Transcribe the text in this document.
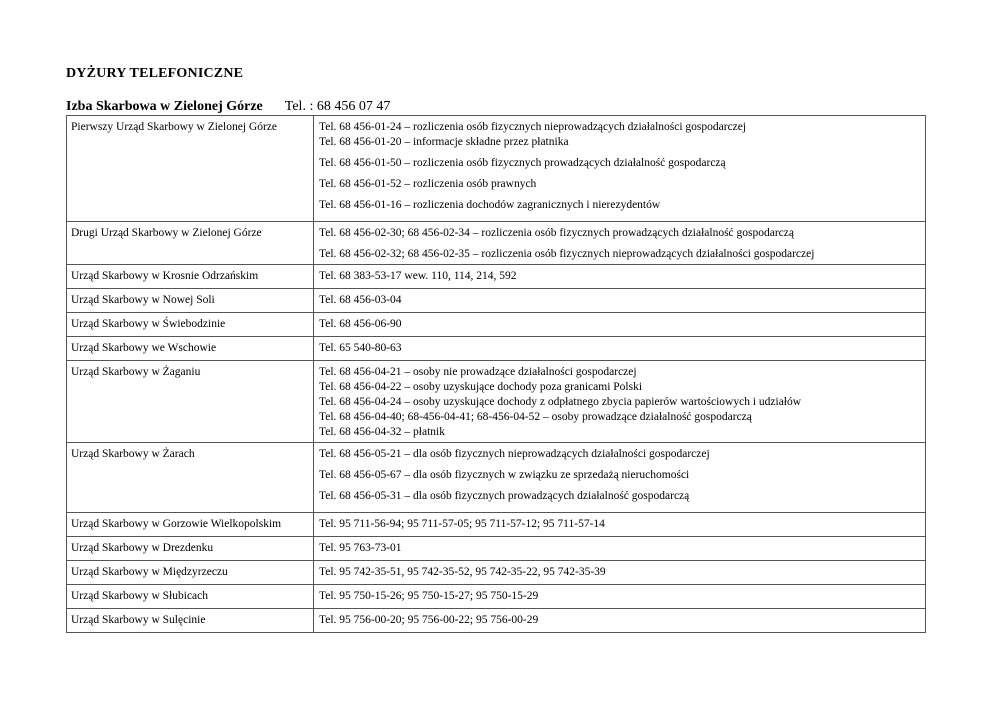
DYŻURY TELEFONICZNE
Izba Skarbowa w Zielonej Górze Tel. : 68 456 07 47
Pierwszy Urząd Skarbowy w Zielonej Górze	Tel. 68 456-01-24 – rozliczenia osób fizycznych nieprowadzących działalności gospodarczej
Tel. 68 456-01-20 – informacje składne przez płatnika
Tel. 68 456-01-50 – rozliczenia osób fizycznych prowadzących działalność gospodarczą
Tel. 68 456-01-52 – rozliczenia osób prawnych
Tel. 68 456-01-16 – rozliczenia dochodów zagranicznych i nierezydentów

Drugi Urząd Skarbowy w Zielonej Górze	Tel. 68 456-02-30; 68 456-02-34 – rozliczenia osób fizycznych prowadzących działalność gospodarczą
Tel. 68 456-02-32; 68 456-02-35 – rozliczenia osób fizycznych nieprowadzących działalności gospodarczej

Urząd Skarbowy w Krosnie Odrzańskim	Tel. 68 383-53-17 wew. 110, 114, 214, 592
Urząd Skarbowy w Nowej Soli	Tel. 68 456-03-04
Urząd Skarbowy w Świebodzinie	Tel. 68 456-06-90
Urząd Skarbowy we Wschowie	Tel. 65 540-80-63
Urząd Skarbowy w Żaganiu	Tel. 68 456-04-21 – osoby nie prowadzące działalności gospodarczej
Tel. 68 456-04-22 – osoby uzyskujące dochody poza granicami Polski
Tel. 68 456-04-24 – osoby uzyskujące dochody z odpłatnego zbycia papierów wartościowych i udziałów
Tel. 68 456-04-40; 68-456-04-41; 68-456-04-52 – osoby prowadzące działalność gospodarczą
Tel. 68 456-04-32 – płatnik

Urząd Skarbowy w Żarach	Tel. 68 456-05-21 – dla osób fizycznych nieprowadzących działalności gospodarczej
Tel. 68 456-05-67 – dla osób fizycznych w związku ze sprzedażą nieruchomości
Tel. 68 456-05-31 – dla osób fizycznych prowadzących działalność gospodarczą

Urząd Skarbowy w Gorzowie Wielkopolskim	Tel. 95 711-56-94; 95 711-57-05; 95 711-57-12; 95 711-57-14
Urząd Skarbowy w Drezdenku	Tel. 95 763-73-01
Urząd Skarbowy w Międzyrzeczu	Tel. 95 742-35-51, 95 742-35-52, 95 742-35-22, 95 742-35-39
Urząd Skarbowy w Słubicach	Tel. 95 750-15-26; 95 750-15-27; 95 750-15-29
Urząd Skarbowy w Sulęcinie	Tel. 95 756-00-20; 95 756-00-22; 95 756-00-29
